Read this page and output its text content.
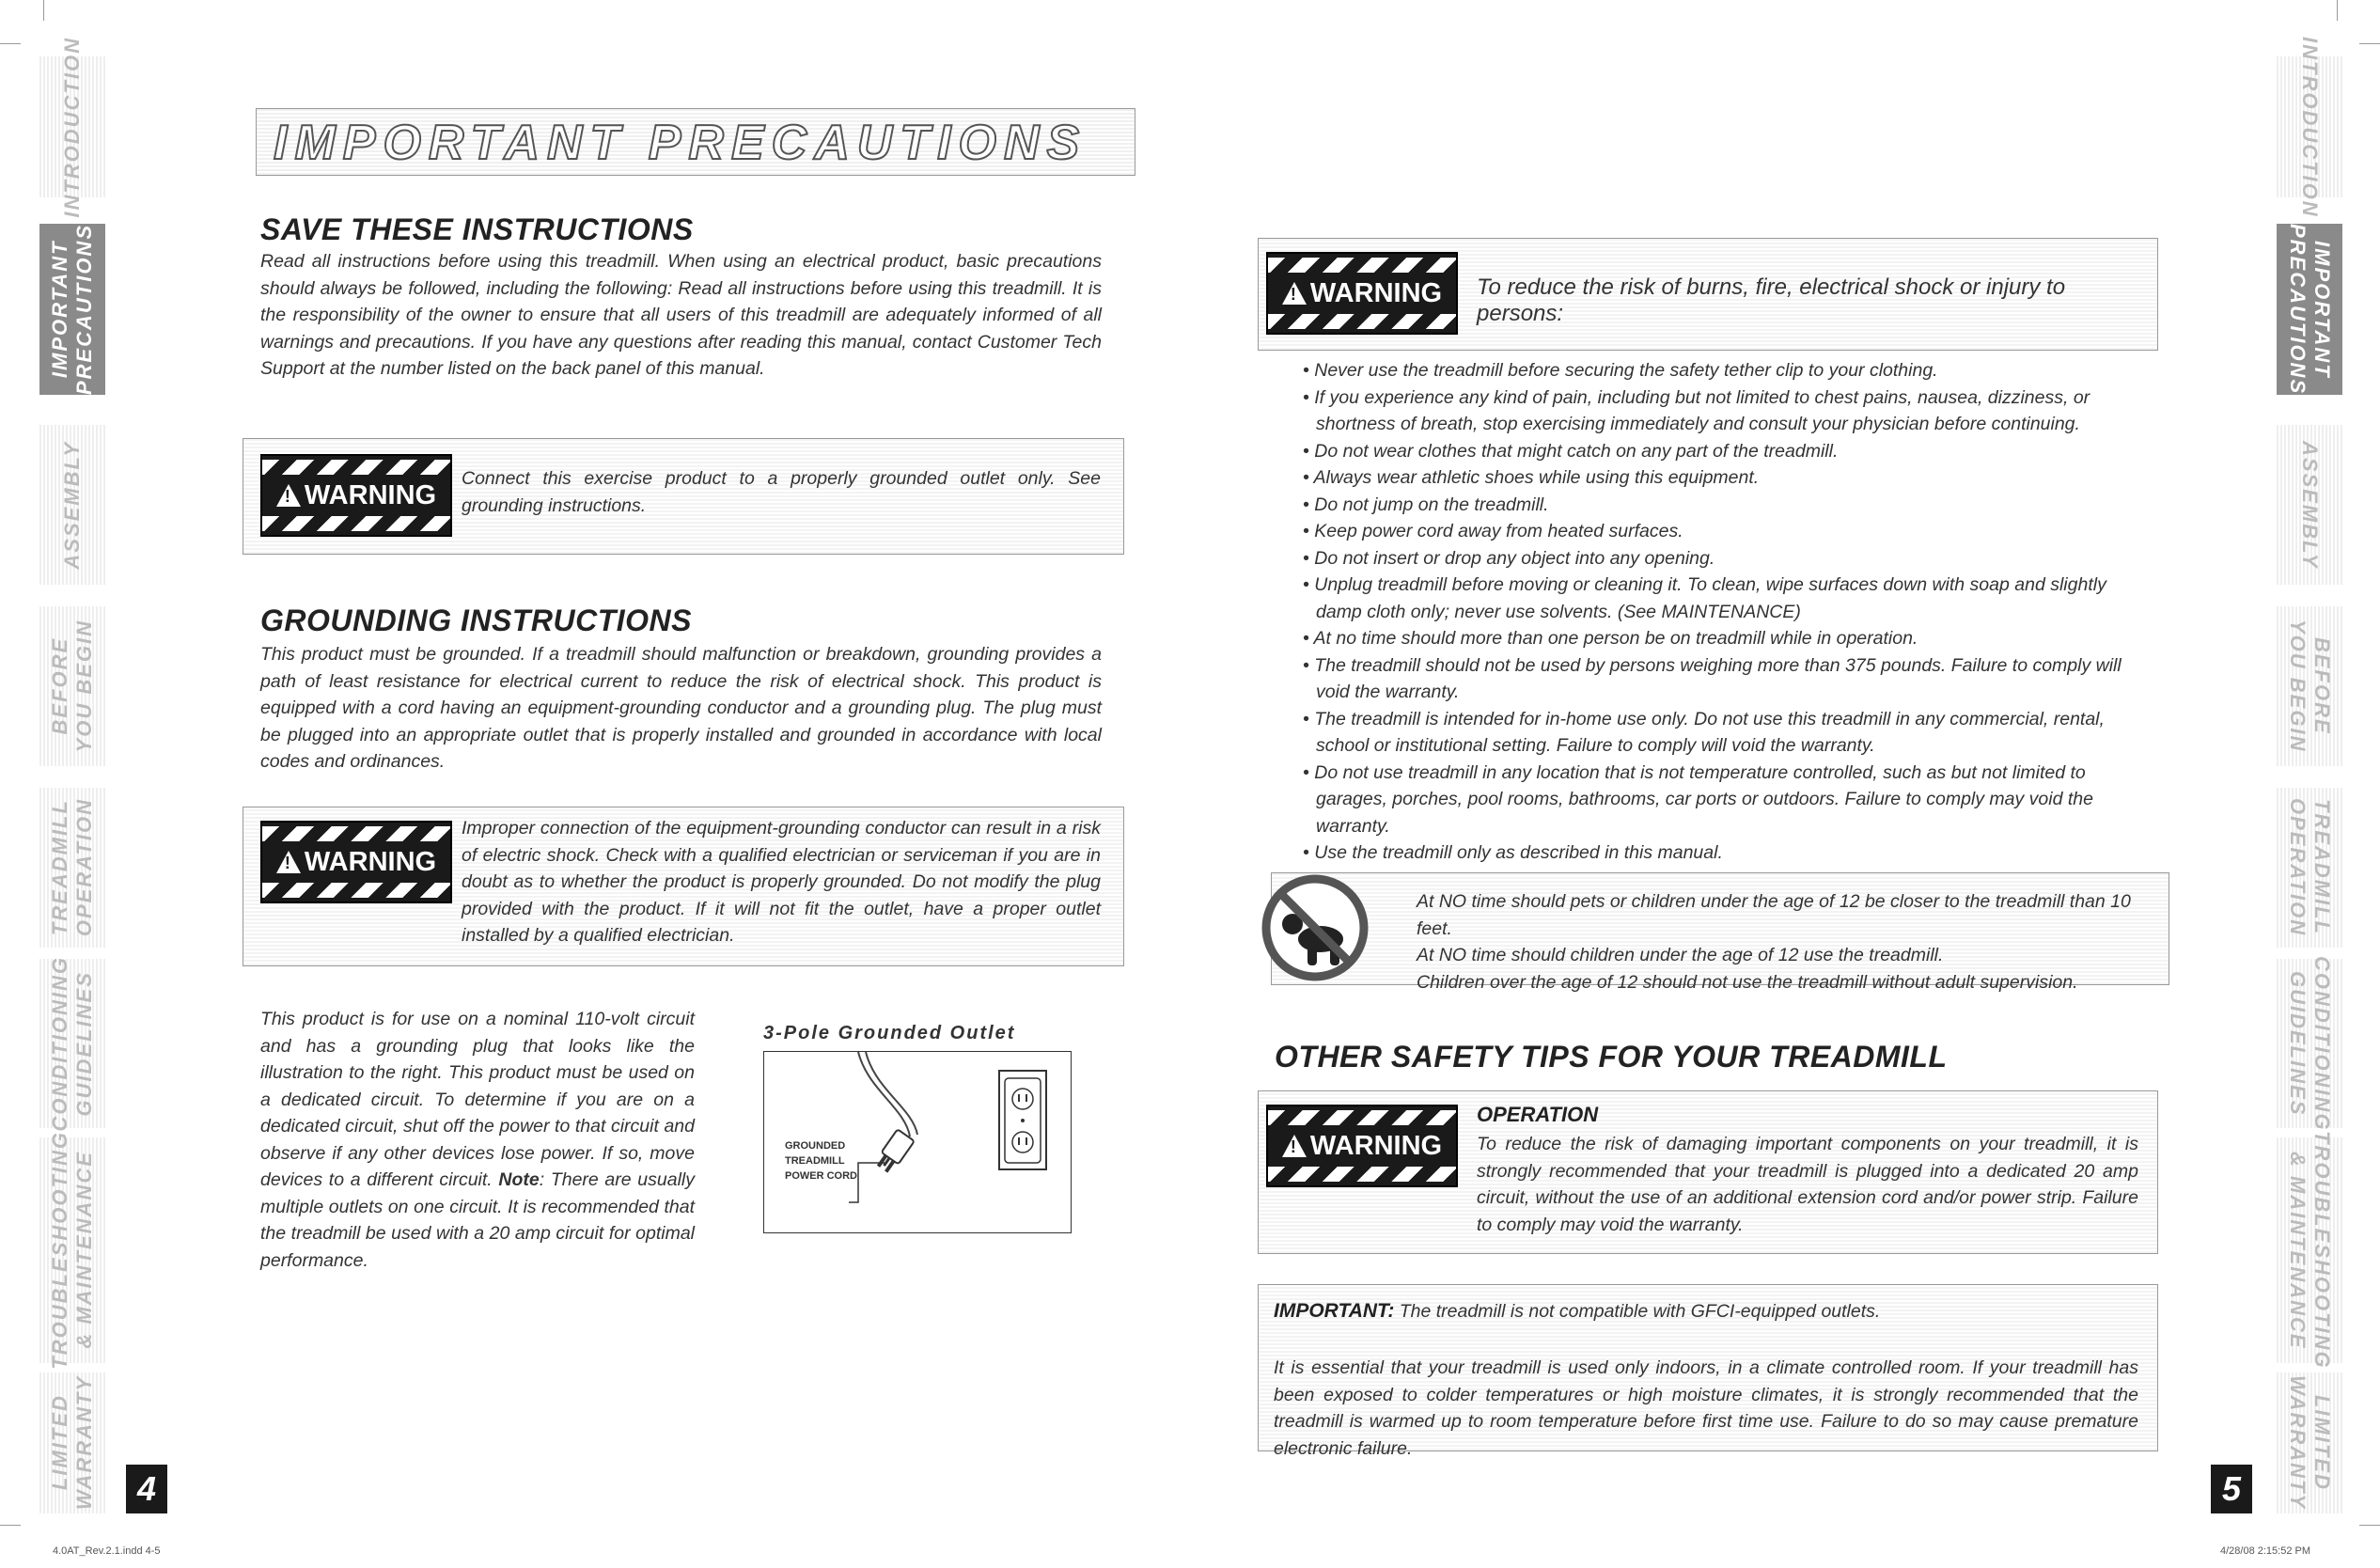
INTRODUCTION
IMPORTANT
PRECAUTIONS
ASSEMBLY
BEFORE
YOU BEGIN
TREADMILL
OPERATION
CONDITIONING
GUIDELINES
TROUBLESHOOTING
& MAINTENANCE
LIMITED
WARRANTY
INTRODUCTION
IMPORTANT
PRECAUTIONS
ASSEMBLY
BEFORE
YOU BEGIN
TREADMILL
OPERATION
CONDITIONING
GUIDELINES
TROUBLESHOOTING
& MAINTENANCE
LIMITED
WARRANTY
IMPORTANT PRECAUTIONS
SAVE THESE INSTRUCTIONS
Read all instructions before using this treadmill. When using an electrical product, basic precautions should always be followed, including the following: Read all instructions before using this treadmill. It is the responsibility of the owner to ensure that all users of this treadmill are adequately informed of all warnings and precautions. If you have any questions after reading this manual, contact Customer Tech Support at the number listed on the back panel of this manual.
!
WARNING
Connect this exercise product to a properly grounded outlet only. See grounding instructions.
GROUNDING INSTRUCTIONS
This product must be grounded. If a treadmill should malfunction or breakdown, grounding provides a path of least resistance for electrical current to reduce the risk of electrical shock. This product is equipped with a cord having an equipment-grounding conductor and a grounding plug. The plug must be plugged into an appropriate outlet that is properly installed and grounded in accordance with local codes and ordinances.
!
WARNING
Improper connection of the equipment-grounding conductor can result in a risk of electric shock. Check with a qualified electrician or serviceman if you are in doubt as to whether the product is properly grounded. Do not modify the plug provided with the product. If it will not fit the outlet, have a proper outlet installed by a qualified electrician.
This product is for use on a nominal 110-volt circuit and has a grounding plug that looks like the illustration to the right. This product must be used on a dedicated circuit. To determine if you are on a dedicated circuit, shut off the power to that circuit and observe if any other devices lose power. If so, move devices to a different circuit. Note: There are usually multiple outlets on one circuit. It is recommended that the treadmill be used with a 20 amp circuit for optimal performance.
3-Pole Grounded Outlet
GROUNDED
TREADMILL
POWER CORD
!
WARNING To reduce the risk of burns, fire, electrical shock or injury to persons:
• Never use the treadmill before securing the safety tether clip to your clothing.
• If you experience any kind of pain, including but not limited to chest pains, nausea, dizziness, or shortness of breath, stop exercising immediately and consult your physician before continuing.
• Do not wear clothes that might catch on any part of the treadmill.
• Always wear athletic shoes while using this equipment.
• Do not jump on the treadmill.
• Keep power cord away from heated surfaces.
• Do not insert or drop any object into any opening.
• Unplug treadmill before moving or cleaning it. To clean, wipe surfaces down with soap and slightly damp cloth only; never use solvents. (See MAINTENANCE)
• At no time should more than one person be on treadmill while in operation.
• The treadmill should not be used by persons weighing more than 375 pounds. Failure to comply will void the warranty.
• The treadmill is intended for in-home use only. Do not use this treadmill in any commercial, rental, school or institutional setting. Failure to comply will void the warranty.
• Do not use treadmill in any location that is not temperature controlled, such as but not limited to garages, porches, pool rooms, bathrooms, car ports or outdoors. Failure to comply may void the warranty.
• Use the treadmill only as described in this manual.
At NO time should pets or children under the age of 12 be closer to the treadmill than 10 feet.
At NO time should children under the age of 12 use the treadmill.
Children over the age of 12 should not use the treadmill without adult supervision.
OTHER SAFETY TIPS FOR YOUR TREADMILL
!
WARNING
OPERATION
To reduce the risk of damaging important components on your treadmill, it is strongly recommended that your treadmill is plugged into a dedicated 20 amp circuit, without the use of an additional extension cord and/or power strip. Failure to comply may void the warranty.
IMPORTANT: The treadmill is not compatible with GFCI-equipped outlets.
It is essential that your treadmill is used only indoors, in a climate controlled room. If your treadmill has been exposed to colder temperatures or high moisture climates, it is strongly recommended that the treadmill is warmed up to room temperature before first time use. Failure to do so may cause premature electronic failure.
4	5
4.0AT_Rev.2.1.indd 4-5	4/28/08 2:15:52 PM
